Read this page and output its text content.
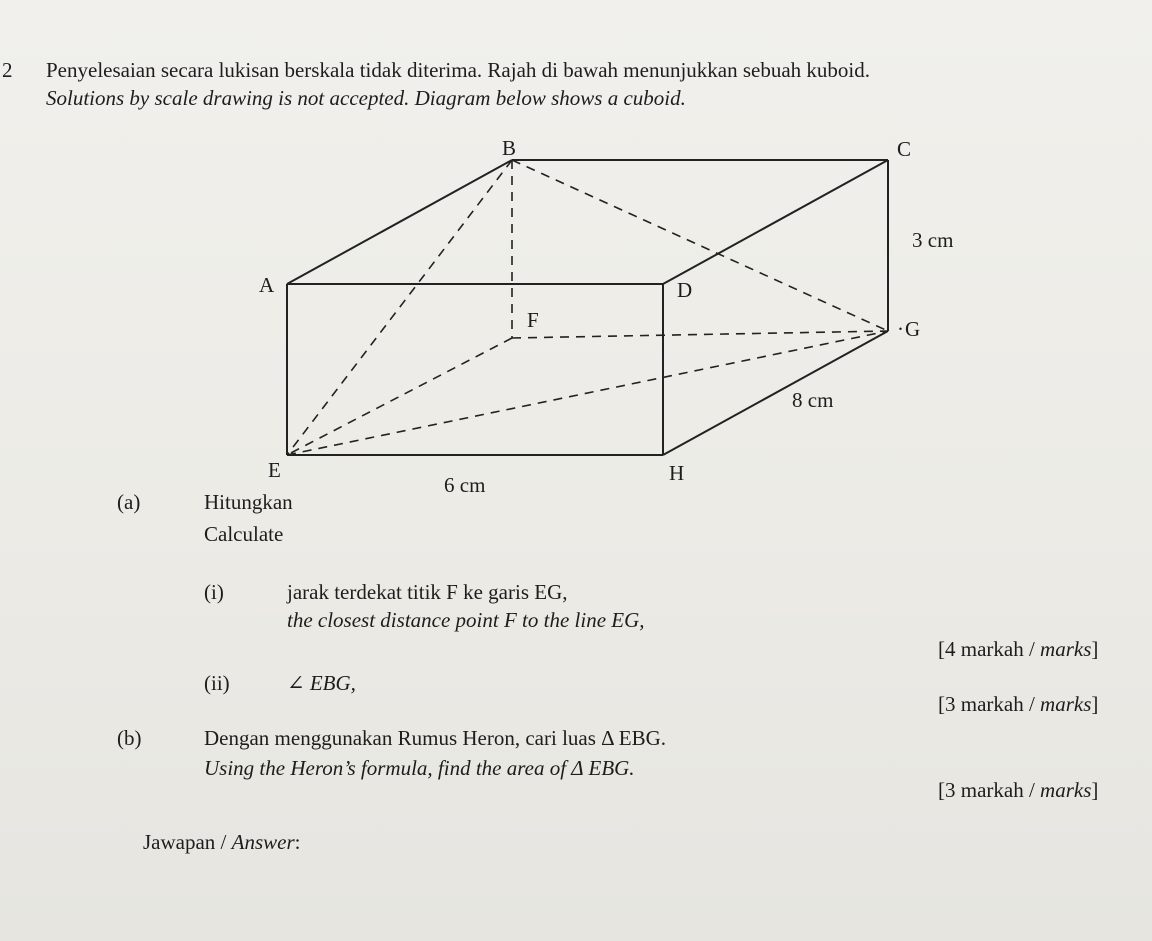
2 Penyelesaian secara lukisan berskala tidak diterima. Rajah di bawah menunjukkan sebuah kuboid.
Solutions by scale drawing is not accepted. Diagram below shows a cuboid.
B	C
A	D
F	· G
E	H
3 cm
8 cm
6 cm
(a)	Hitungkan
Calculate
(i)	jarak terdekat titik F ke garis EG,
the closest distance point F to the line EG,
[4 markah / marks]
(ii)	∠ EBG,
[3 markah / marks]
(b)	Dengan menggunakan Rumus Heron, cari luas Δ EBG.
Using the Heron’s formula, find the area of Δ EBG.
[3 markah / marks]
Jawapan / Answer:
